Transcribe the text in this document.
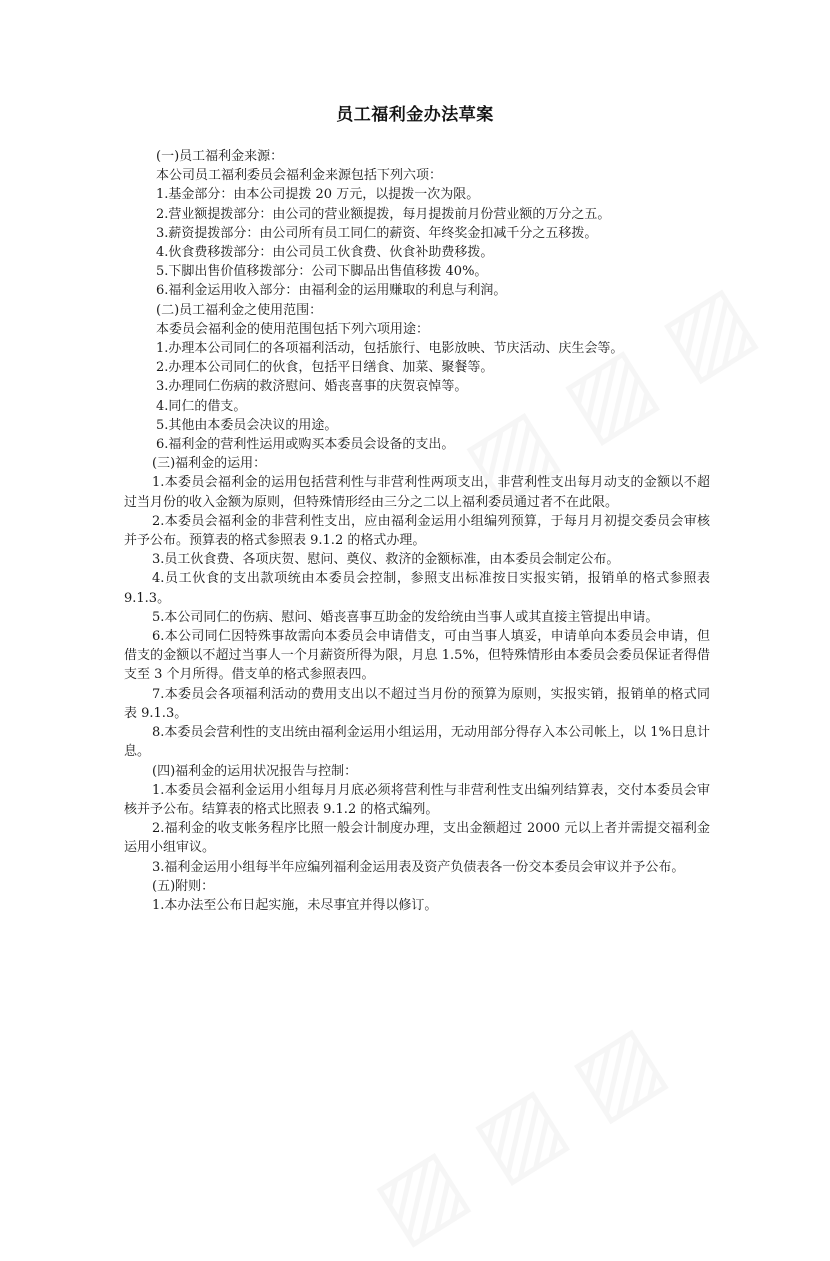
员工福利金办法草案

(一)员工福利金来源：

本公司员工福利委员会福利金来源包括下列六项：

1.基金部分：由本公司提拨 20 万元，以提拨一次为限。

2.营业额提拨部分：由公司的营业额提拨，每月提拨前月份营业额的万分之五。

3.薪资提拨部分：由公司所有员工同仁的薪资、年终奖金扣减千分之五移拨。

4.伙食费移拨部分：由公司员工伙食费、伙食补助费移拨。

5.下脚出售价值移拨部分：公司下脚品出售值移拨 40%。

6.福利金运用收入部分：由福利金的运用赚取的利息与利润。

(二)员工福利金之使用范围：

本委员会福利金的使用范围包括下列六项用途：

1.办理本公司同仁的各项福利活动，包括旅行、电影放映、节庆活动、庆生会等。

2.办理本公司同仁的伙食，包括平日缮食、加菜、聚餐等。

3.办理同仁伤病的救济慰问、婚丧喜事的庆贺哀悼等。

4.同仁的借支。

5.其他由本委员会决议的用途。

6.福利金的营利性运用或购买本委员会设备的支出。

(三)福利金的运用：

1.本委员会福利金的运用包括营利性与非营利性两项支出，非营利性支出每月动支的金额以不超过当月份的收入金额为原则，但特殊情形经由三分之二以上福利委员通过者不在此限。

2.本委员会福利金的非营利性支出，应由福利金运用小组编列预算，于每月月初提交委员会审核并予公布。预算表的格式参照表 9.1.2 的格式办理。

3.员工伙食费、各项庆贺、慰问、奠仪、救济的金额标准，由本委员会制定公布。

4.员工伙食的支出款项统由本委员会控制，参照支出标准按日实报实销，报销单的格式参照表 9.1.3。

5.本公司同仁的伤病、慰问、婚丧喜事互助金的发给统由当事人或其直接主管提出申请。

6.本公司同仁因特殊事故需向本委员会申请借支，可由当事人填妥，申请单向本委员会申请，但借支的金额以不超过当事人一个月薪资所得为限，月息 1.5%，但特殊情形由本委员会委员保证者得借支至 3 个月所得。借支单的格式参照表四。

7.本委员会各项福利活动的费用支出以不超过当月份的预算为原则，实报实销，报销单的格式同表 9.1.3。

8.本委员会营利性的支出统由福利金运用小组运用，无动用部分得存入本公司帐上，以 1%日息计息。

(四)福利金的运用状况报告与控制：

1.本委员会福利金运用小组每月月底必须将营利性与非营利性支出编列结算表，交付本委员会审核并予公布。结算表的格式比照表 9.1.2 的格式编列。

2.福利金的收支帐务程序比照一般会计制度办理，支出金额超过 2000 元以上者并需提交福利金运用小组审议。

3.福利金运用小组每半年应编列福利金运用表及资产负债表各一份交本委员会审议并予公布。

(五)附则：

1.本办法至公布日起实施，未尽事宜并得以修订。
